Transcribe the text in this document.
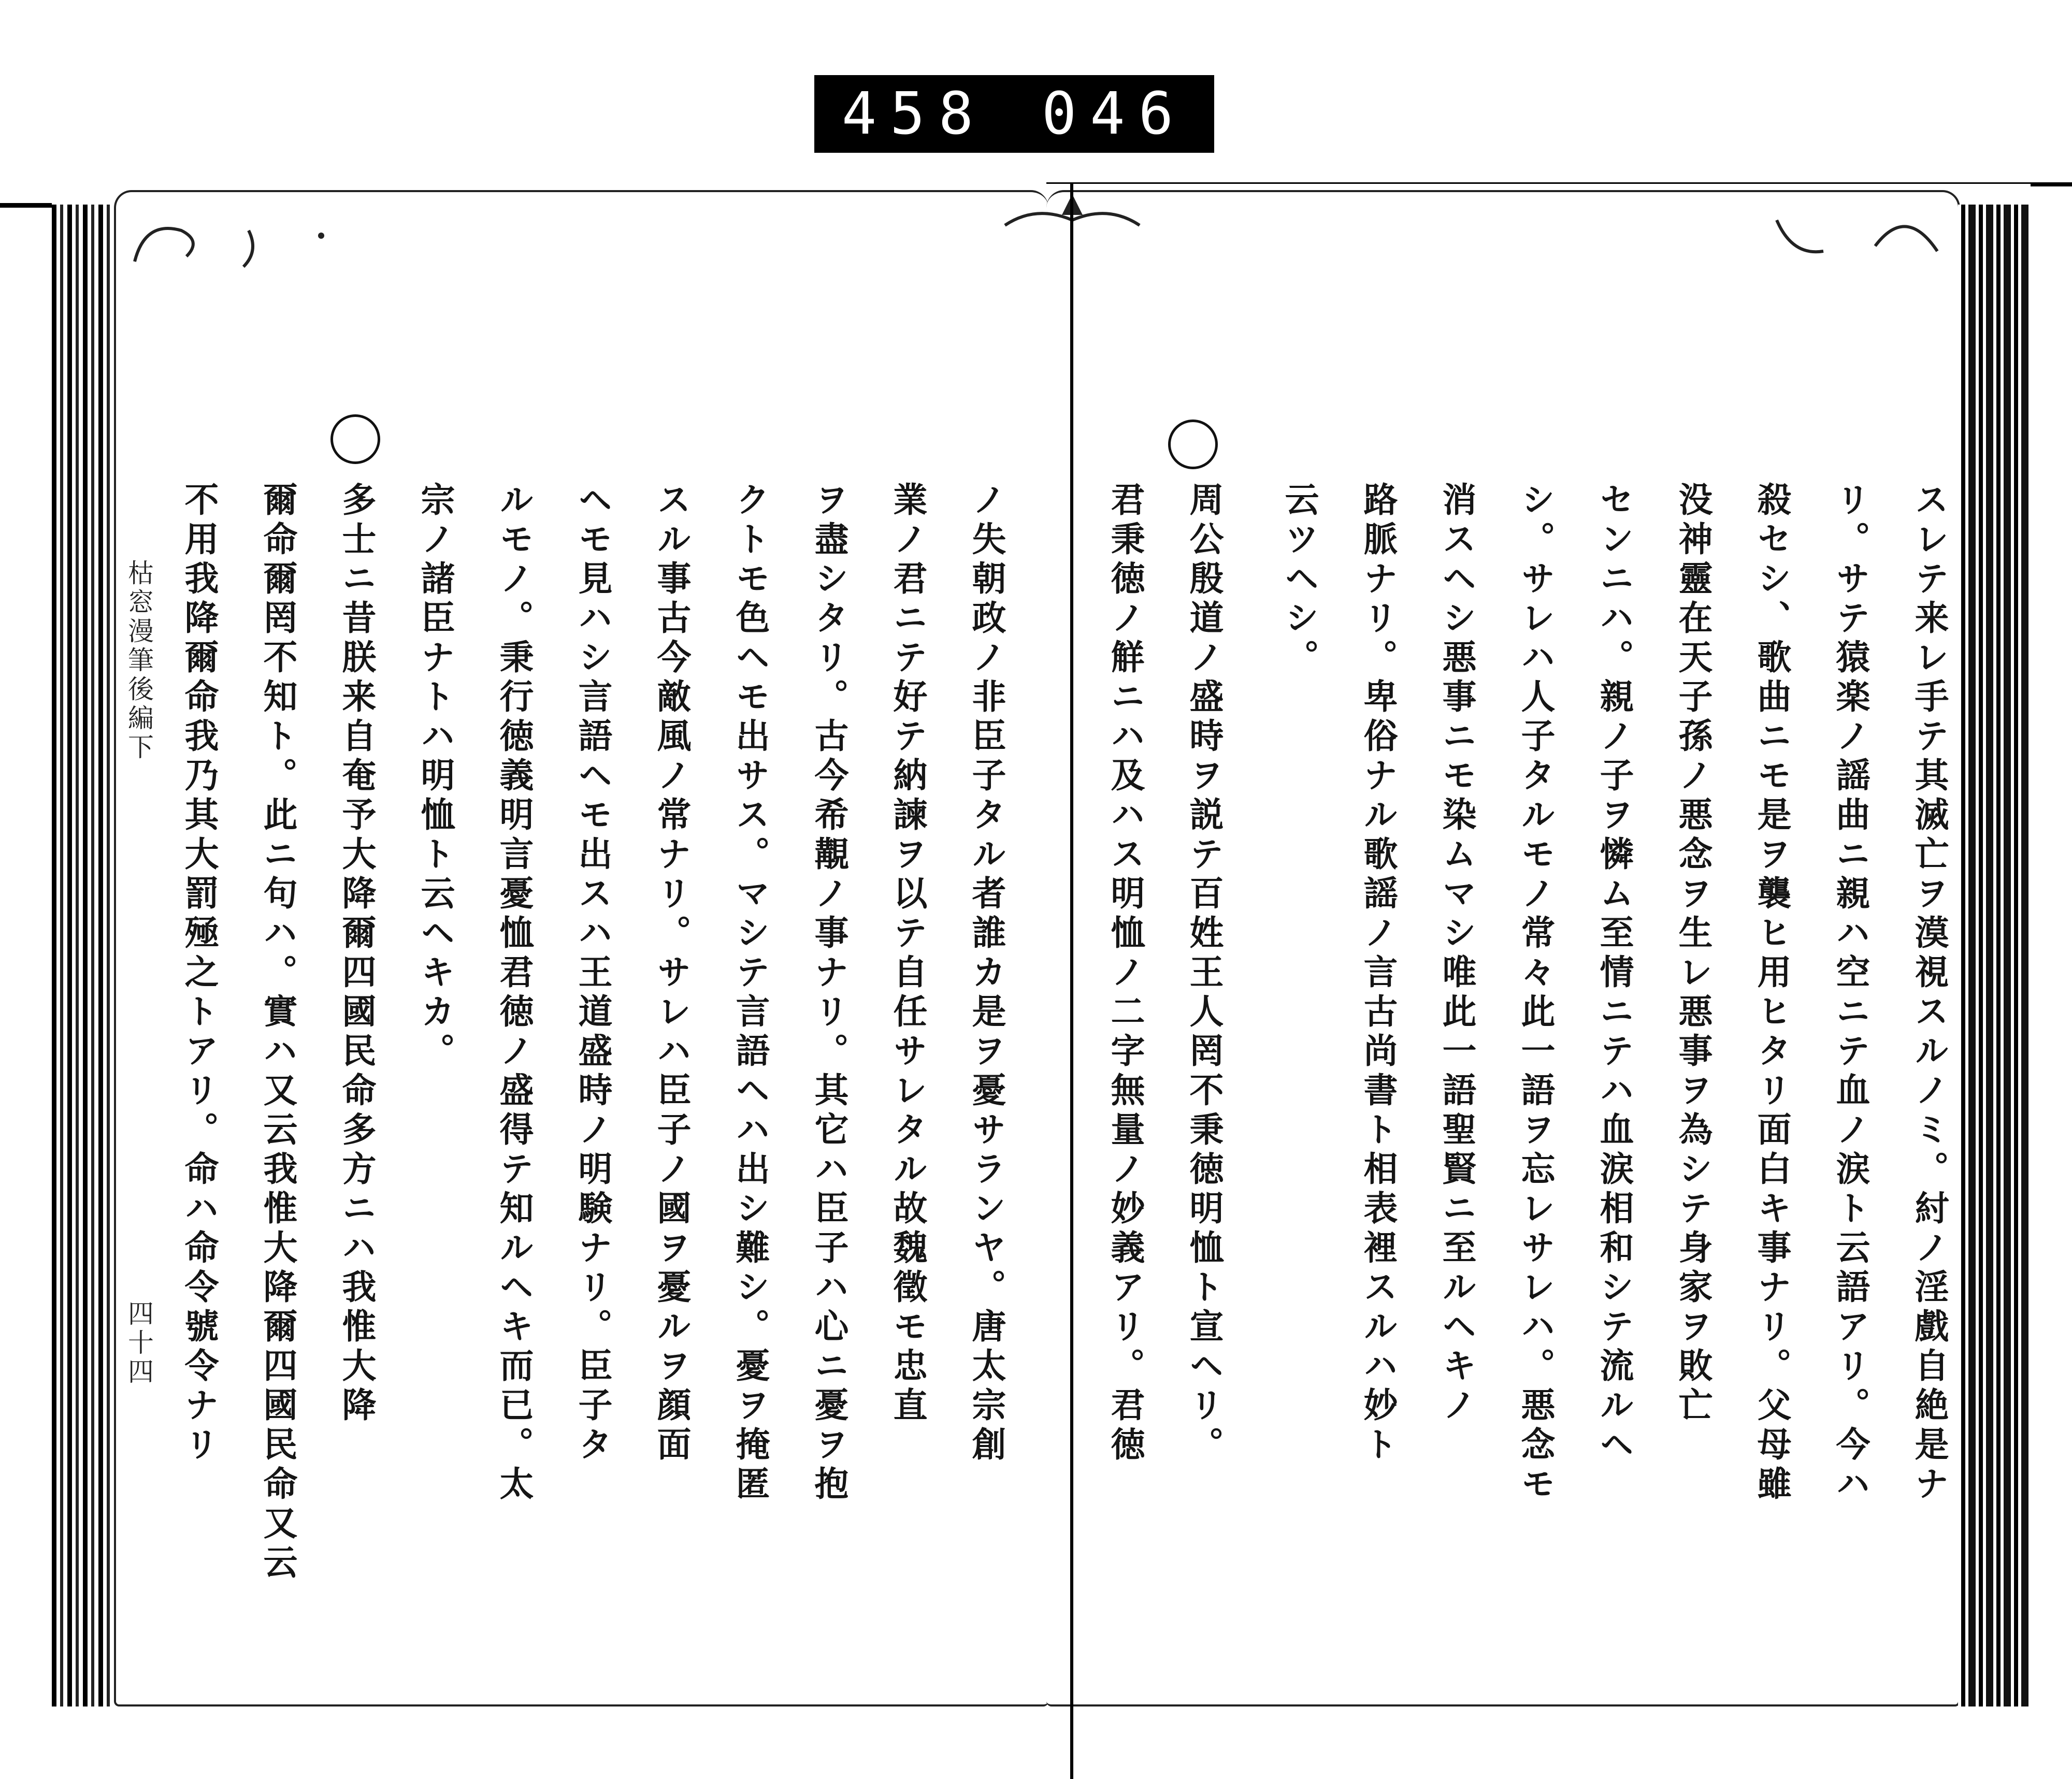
458 046
枯窓漫筆後編下
四十四	スレテ来レ手テ其滅亡ヲ漠視スルノミ。紂ノ淫戲自絶是ナ

リ。サテ猿楽ノ謡曲ニ親ハ空ニテ血ノ涙ト云語アリ。今ハ

殺セシ、歌曲ニモ是ヲ襲ヒ用ヒタリ面白キ事ナリ。父母雖

没神靈在天子孫ノ悪念ヲ生レ悪事ヲ為シテ身家ヲ敗亡

センニハ。親ノ子ヲ憐ム至情ニテハ血涙相和シテ流ルヘ

シ。サレハ人子タルモノ常々此一語ヲ忘レサレハ。悪念モ

消スヘシ悪事ニモ染ムマシ唯此一語聖賢ニ至ルヘキノ

路脈ナリ。卑俗ナル歌謡ノ言古尚書ト相表裡スルハ妙ト

云ツヘシ。

周公殷道ノ盛時ヲ説テ百姓王人罔不秉徳明恤ト宣ヘリ。

君秉徳ノ觧ニハ及ハス明恤ノ二字無量ノ妙義アリ。君徳

ノ失朝政ノ非臣子タル者誰カ是ヲ憂サランヤ。唐太宗創

業ノ君ニテ好テ納諫ヲ以テ自任サレタル故魏徵モ忠直

ヲ盡シタリ。古今希覯ノ事ナリ。其它ハ臣子ハ心ニ憂ヲ抱

クトモ色ヘモ出サス。マシテ言語ヘハ出シ難シ。憂ヲ掩匿

スル事古今敵風ノ常ナリ。サレハ臣子ノ國ヲ憂ルヲ顔面

ヘモ見ハシ言語ヘモ出スハ王道盛時ノ明験ナリ。臣子タ

ルモノ。秉行徳義明言憂恤君徳ノ盛得テ知ルヘキ而已。太

宗ノ諸臣ナトハ明恤ト云ヘキカ。

多士ニ昔朕来自奄予大降爾四國民命多方ニハ我惟大降

爾命爾罔不知ト。此ニ句ハ。實ハ又云我惟大降爾四國民命又云

不用我降爾命我乃其大罰殛之トアリ。命ハ命令號令ナリ
